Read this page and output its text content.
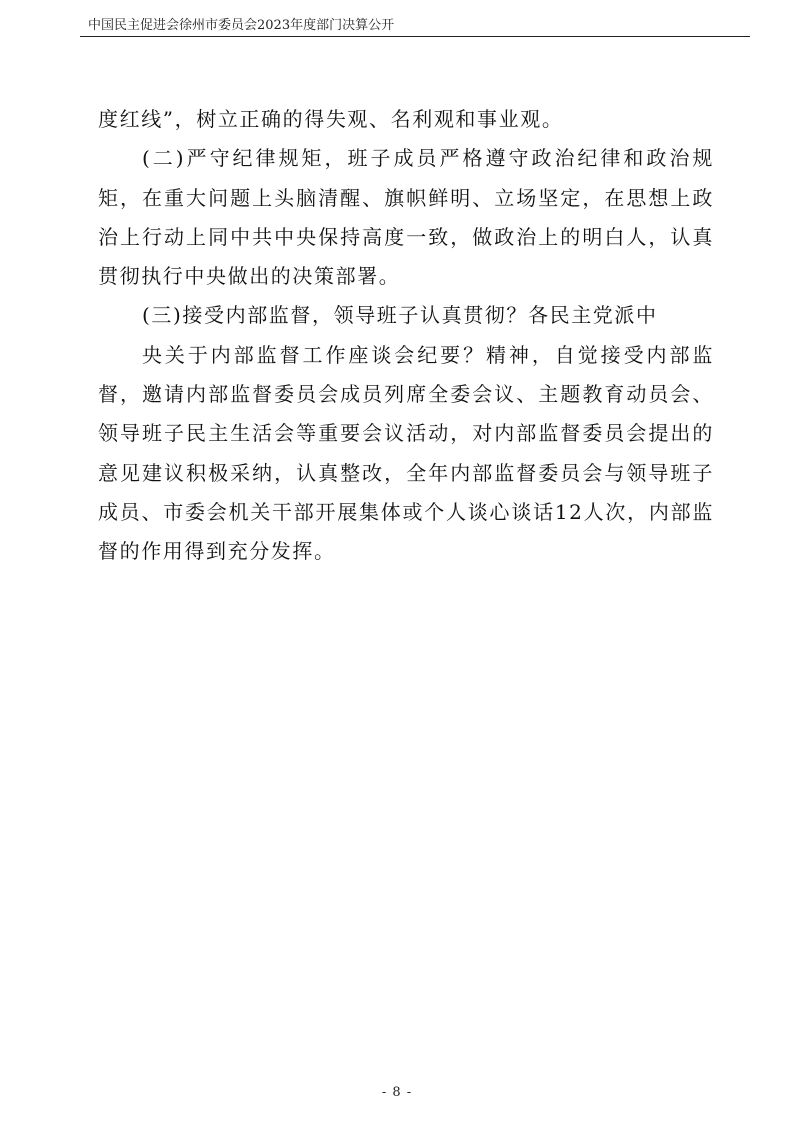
中国民主促进会徐州市委员会2023年度部门决算公开

度红线”，树立正确的得失观、名利观和事业观。

(二)严守纪律规矩，班子成员严格遵守政治纪律和政治规矩，在重大问题上头脑清醒、旗帜鲜明、立场坚定，在思想上政治上行动上同中共中央保持高度一致，做政治上的明白人，认真贯彻执行中央做出的决策部署。

(三)接受内部监督，领导班子认真贯彻？各民主党派中

央关于内部监督工作座谈会纪要？精神，自觉接受内部监督，邀请内部监督委员会成员列席全委会议、主题教育动员会、领导班子民主生活会等重要会议活动，对内部监督委员会提出的意见建议积极采纳，认真整改，全年内部监督委员会与领导班子成员、市委会机关干部开展集体或个人谈心谈话12人次，内部监督的作用得到充分发挥。

- 8 -
